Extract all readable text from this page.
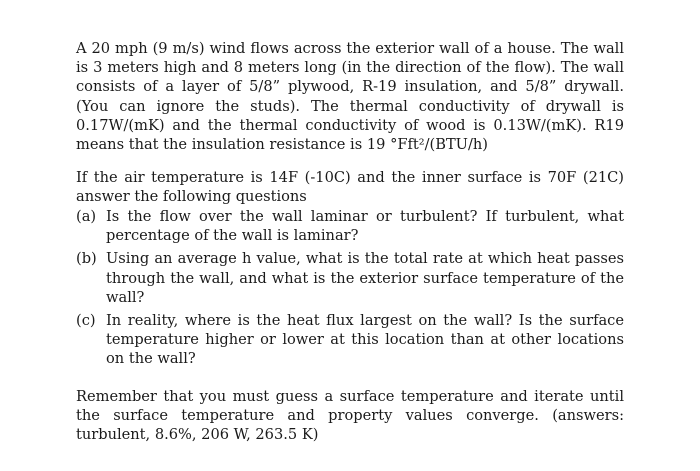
A 20 mph (9 m/s) wind flows across the exterior wall of a house. The wall is 3 meters high and 8 meters long (in the direction of the flow). The wall consists of a layer of 5/8” plywood, R-19 insulation, and 5/8” drywall. (You can ignore the studs). The thermal conductivity of drywall is 0.17W/(mK) and the thermal conductivity of wood is 0.13W/(mK). R19 means that the insulation resistance is 19 °Fft²/(BTU/h)
If the air temperature is 14F (-10C) and the inner surface is 70F (21C) answer the following questions
(a) Is the flow over the wall laminar or turbulent? If turbulent, what percentage of the wall is laminar?
(b) Using an average h value, what is the total rate at which heat passes through the wall, and what is the exterior surface temperature of the wall?
(c) In reality, where is the heat flux largest on the wall? Is the surface temperature higher or lower at this location than at other locations on the wall?
Remember that you must guess a surface temperature and iterate until the surface temperature and property values converge. (answers: turbulent, 8.6%, 206 W, 263.5 K)
